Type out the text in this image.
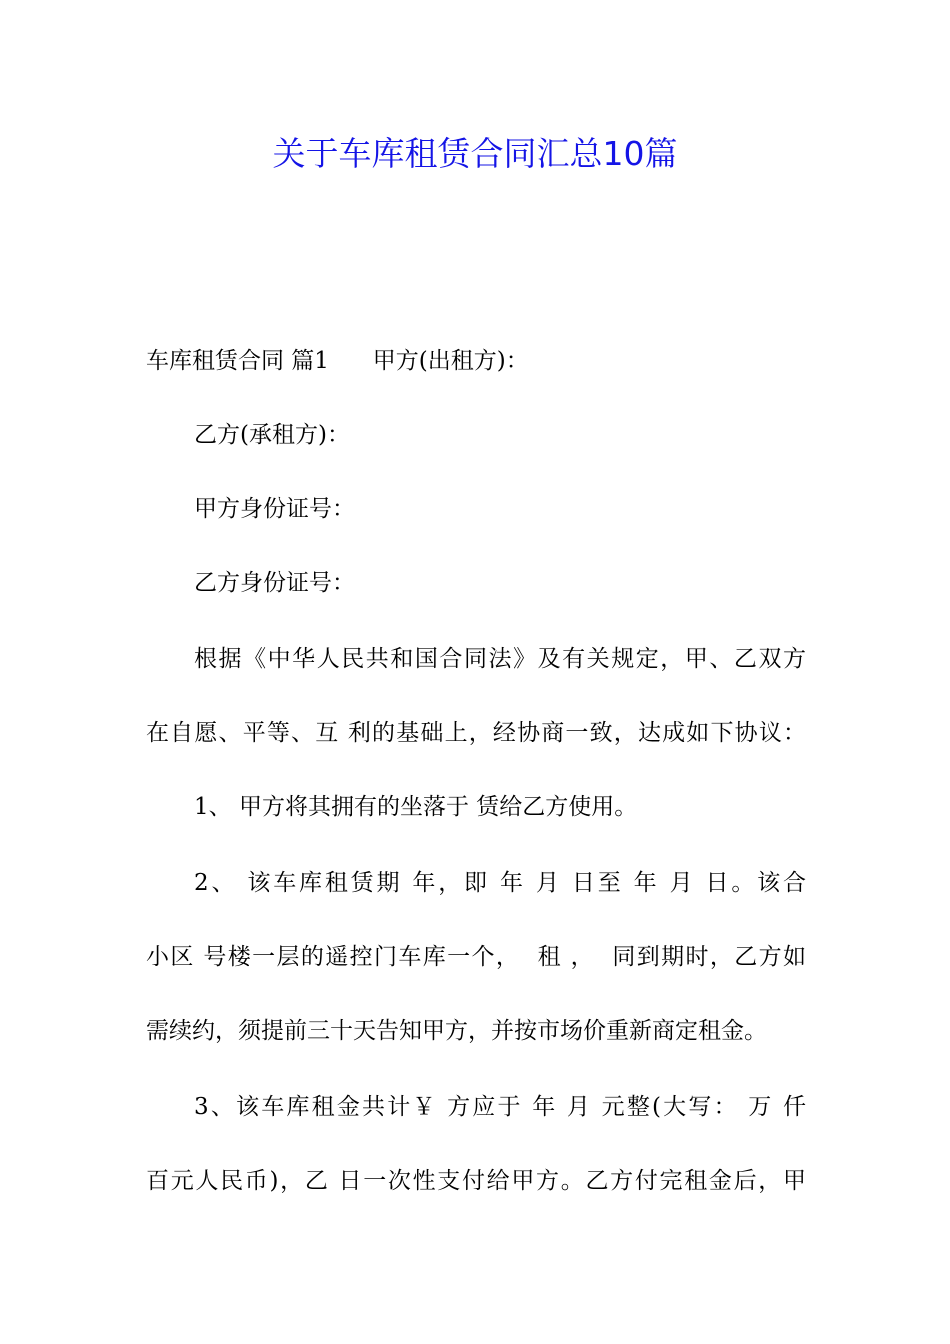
关于车库租赁合同汇总10篇
车库租赁合同 篇1      甲方(出租方)：
乙方(承租方)：
甲方身份证号：
乙方身份证号：
根据《中华人民共和国合同法》及有关规定，甲、乙双方
在自愿、平等、互 利的基础上，经协商一致，达成如下协议：
1、 甲方将其拥有的坐落于 赁给乙方使用。
2、 该车库租赁期 年，即 年 月 日至 年 月 日。该合
小区 号楼一层的遥控门车库一个，  租 ，  同到期时，乙方如
需续约，须提前三十天告知甲方，并按市场价重新商定租金。
3、该车库租金共计￥ 方应于 年 月 元整(大写： 万 仟
百元人民币)，乙 日一次性支付给甲方。乙方付完租金后，甲
